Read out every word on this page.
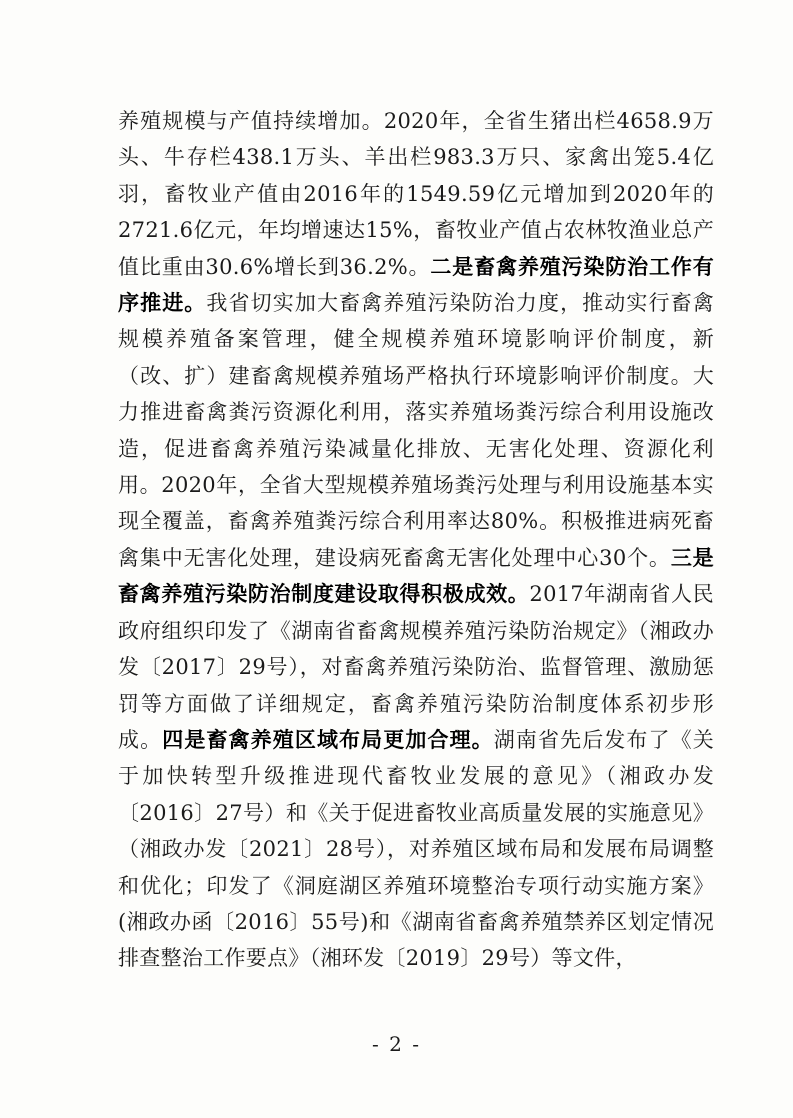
养殖规模与产值持续增加。2020年，全省生猪出栏4658.9万头、牛存栏438.1万头、羊出栏983.3万只、家禽出笼5.4亿羽，畜牧业产值由2016年的1549.59亿元增加到2020年的2721.6亿元，年均增速达15%，畜牧业产值占农林牧渔业总产值比重由30.6%增长到36.2%。二是畜禽养殖污染防治工作有序推进。我省切实加大畜禽养殖污染防治力度，推动实行畜禽规模养殖备案管理，健全规模养殖环境影响评价制度，新（改、扩）建畜禽规模养殖场严格执行环境影响评价制度。大力推进畜禽粪污资源化利用，落实养殖场粪污综合利用设施改造，促进畜禽养殖污染减量化排放、无害化处理、资源化利用。2020年，全省大型规模养殖场粪污处理与利用设施基本实现全覆盖，畜禽养殖粪污综合利用率达80%。积极推进病死畜禽集中无害化处理，建设病死畜禽无害化处理中心30个。三是畜禽养殖污染防治制度建设取得积极成效。2017年湖南省人民政府组织印发了《湖南省畜禽规模养殖污染防治规定》（湘政办发〔2017〕29号），对畜禽养殖污染防治、监督管理、激励惩罚等方面做了详细规定，畜禽养殖污染防治制度体系初步形成。四是畜禽养殖区域布局更加合理。湖南省先后发布了《关于加快转型升级推进现代畜牧业发展的意见》（湘政办发〔2016〕27号）和《关于促进畜牧业高质量发展的实施意见》（湘政办发〔2021〕28号），对养殖区域布局和发展布局调整和优化；印发了《洞庭湖区养殖环境整治专项行动实施方案》(湘政办函〔2016〕55号)和《湖南省畜禽养殖禁养区划定情况排查整治工作要点》（湘环发〔2019〕29号）等文件，

- 2 -
